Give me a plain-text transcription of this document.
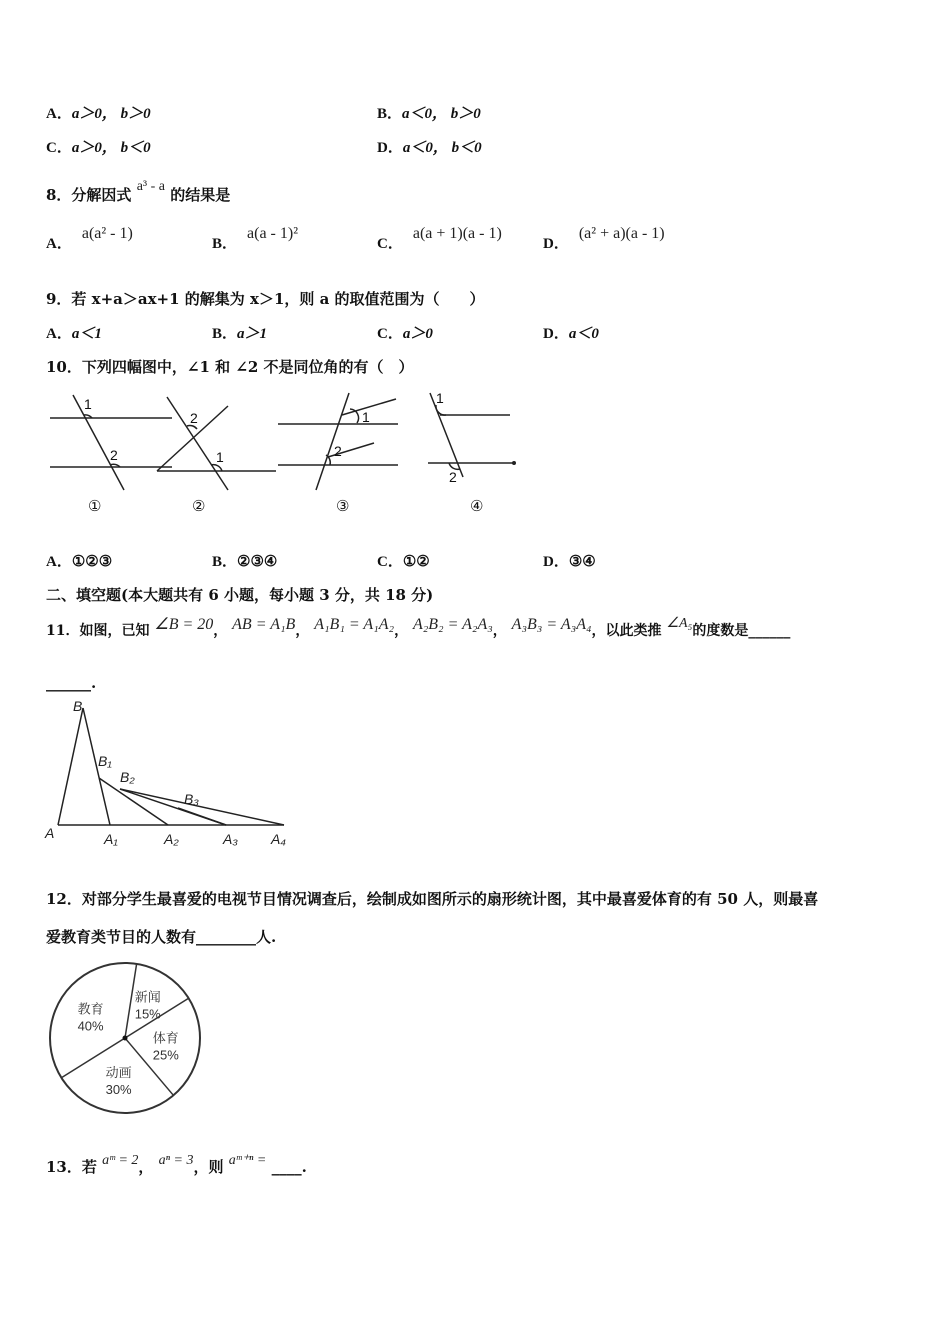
A．a＞0， b＞0	B．a＜0， b＞0
C．a＞0， b＜0	D．a＜0， b＜0
8．分解因式 a³ - a 的结果是
A．a(a² - 1)
B．a(a - 1)²
C．a(a + 1)(a - 1)
D．(a² + a)(a - 1)
9．若 x+a＞ax+1 的解集为 x＞1，则 a 的取值范围为（　　）
A．a＜1	B．a＞1	C．a＞0	D．a＜0
10．下列四幅图中，∠1 和 ∠2 不是同位角的有（　）
1
2
2
1
1
2
1
2
①	②	③	④
A．①②③	B．②③④	C．①②	D．③④
二、填空题(本大题共有 6 小题，每小题 3 分，共 18 分)
11．如图，已知 ∠B = 20， AB = A₁B， A₁B₁ = A₁A₂， A₂B₂ = A₂A₃， A₃B₃ = A₃A₄，以此类推 ∠A₅的度数是______
______.
B
B₁
B₂
B₃
A	A₁	A₂	A₃ A₄
12．对部分学生最喜爱的电视节目情况调查后，绘制成如图所示的扇形统计图，其中最喜爱体育的有 50 人，则最喜
爱教育类节目的人数有________人.
教育
40%
新闻
15%
体育
25%
动画
30%
13．若 aᵐ = 2， aⁿ = 3，则 aᵐ⁺ⁿ = ____.
